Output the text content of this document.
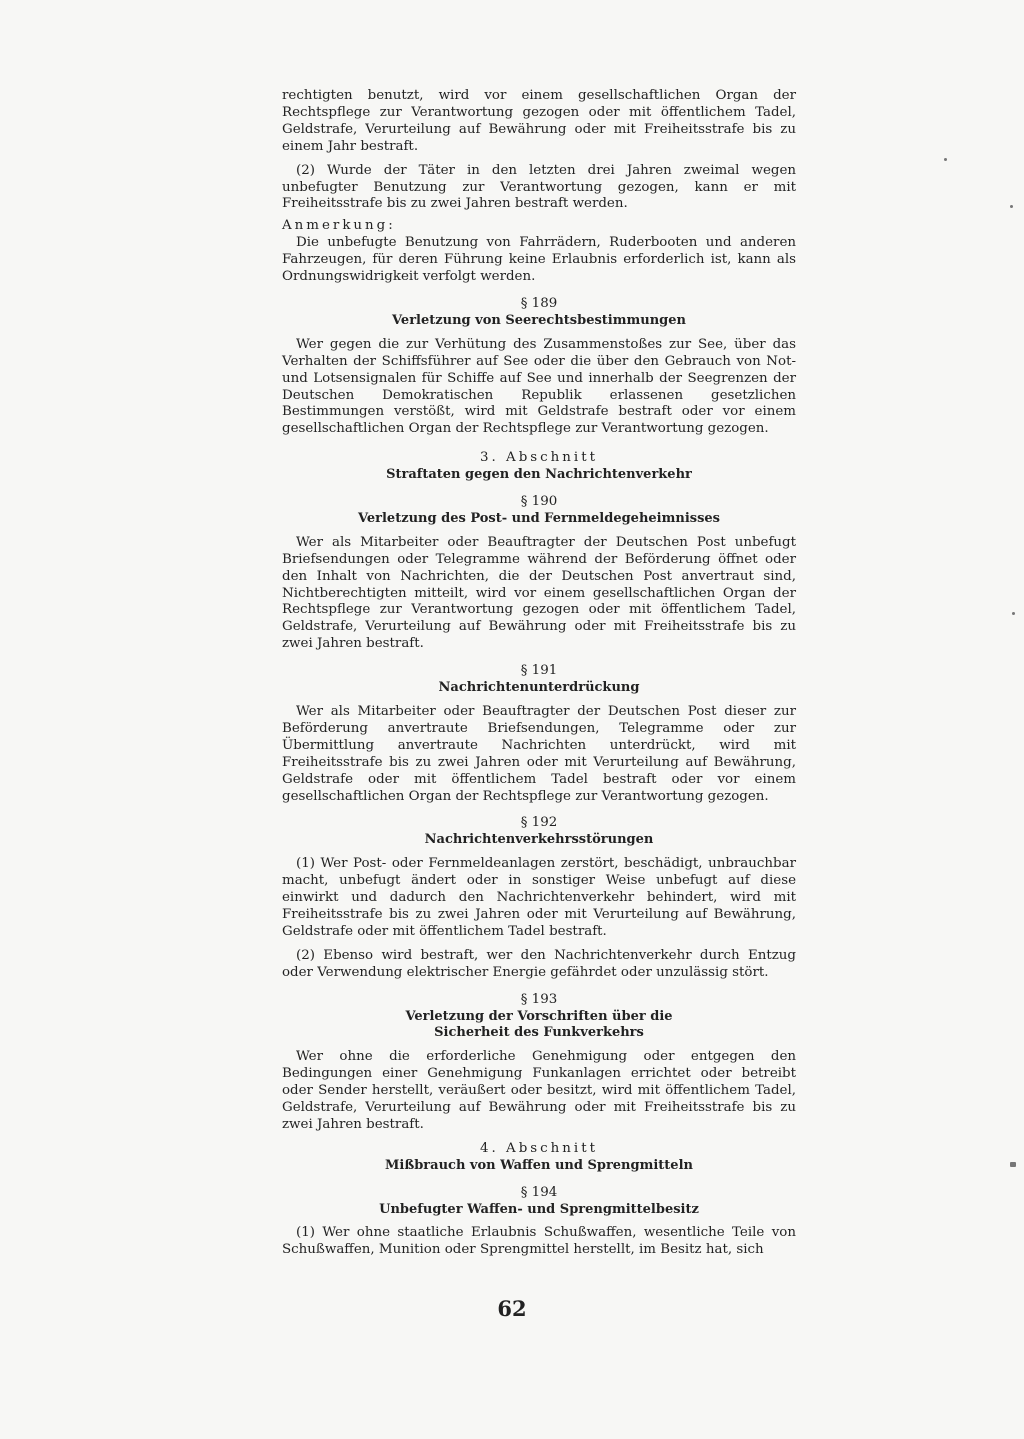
rechtigten benutzt, wird vor einem gesellschaftlichen Organ der Rechtspflege zur Verantwortung gezogen oder mit öffentlichem Tadel, Geldstrafe, Verurteilung auf Bewährung oder mit Freiheitsstrafe bis zu einem Jahr bestraft.

(2) Wurde der Täter in den letzten drei Jahren zweimal wegen unbefugter Benutzung zur Verantwortung gezogen, kann er mit Freiheitsstrafe bis zu zwei Jahren bestraft werden.

Anmerkung:

Die unbefugte Benutzung von Fahrrädern, Ruderbooten und anderen Fahrzeugen, für deren Führung keine Erlaubnis erforderlich ist, kann als Ordnungswidrigkeit verfolgt werden.

§ 189

Verletzung von Seerechtsbestimmungen

Wer gegen die zur Verhütung des Zusammenstoßes zur See, über das Verhalten der Schiffsführer auf See oder die über den Gebrauch von Not- und Lotsensignalen für Schiffe auf See und innerhalb der Seegrenzen der Deutschen Demokratischen Republik erlassenen gesetzlichen Bestimmungen verstößt, wird mit Geldstrafe bestraft oder vor einem gesellschaftlichen Organ der Rechtspflege zur Verantwortung gezogen.

3. Abschnitt

Straftaten gegen den Nachrichtenverkehr

§ 190

Verletzung des Post- und Fernmeldegeheimnisses

Wer als Mitarbeiter oder Beauftragter der Deutschen Post unbefugt Briefsendungen oder Telegramme während der Beförderung öffnet oder den Inhalt von Nachrichten, die der Deutschen Post anvertraut sind, Nichtberechtigten mitteilt, wird vor einem gesellschaftlichen Organ der Rechtspflege zur Verantwortung gezogen oder mit öffentlichem Tadel, Geldstrafe, Verurteilung auf Bewährung oder mit Freiheitsstrafe bis zu zwei Jahren bestraft.

§ 191

Nachrichtenunterdrückung

Wer als Mitarbeiter oder Beauftragter der Deutschen Post dieser zur Beförderung anvertraute Briefsendungen, Telegramme oder zur Übermittlung anvertraute Nachrichten unterdrückt, wird mit Freiheitsstrafe bis zu zwei Jahren oder mit Verurteilung auf Bewährung, Geldstrafe oder mit öffentlichem Tadel bestraft oder vor einem gesellschaftlichen Organ der Rechtspflege zur Verantwortung gezogen.

§ 192

Nachrichtenverkehrsstörungen

(1) Wer Post- oder Fernmeldeanlagen zerstört, beschädigt, unbrauchbar macht, unbefugt ändert oder in sonstiger Weise unbefugt auf diese einwirkt und dadurch den Nachrichtenverkehr behindert, wird mit Freiheitsstrafe bis zu zwei Jahren oder mit Verurteilung auf Bewährung, Geldstrafe oder mit öffentlichem Tadel bestraft.

(2) Ebenso wird bestraft, wer den Nachrichtenverkehr durch Entzug oder Verwendung elektrischer Energie gefährdet oder unzulässig stört.

§ 193

Verletzung der Vorschriften über die

Sicherheit des Funkverkehrs

Wer ohne die erforderliche Genehmigung oder entgegen den Bedingungen einer Genehmigung Funkanlagen errichtet oder betreibt oder Sender herstellt, veräußert oder besitzt, wird mit öffentlichem Tadel, Geldstrafe, Verurteilung auf Bewährung oder mit Freiheitsstrafe bis zu zwei Jahren bestraft.

4. Abschnitt

Mißbrauch von Waffen und Sprengmitteln

§ 194

Unbefugter Waffen- und Sprengmittelbesitz

(1) Wer ohne staatliche Erlaubnis Schußwaffen, wesentliche Teile von Schußwaffen, Munition oder Sprengmittel herstellt, im Besitz hat, sich

62
